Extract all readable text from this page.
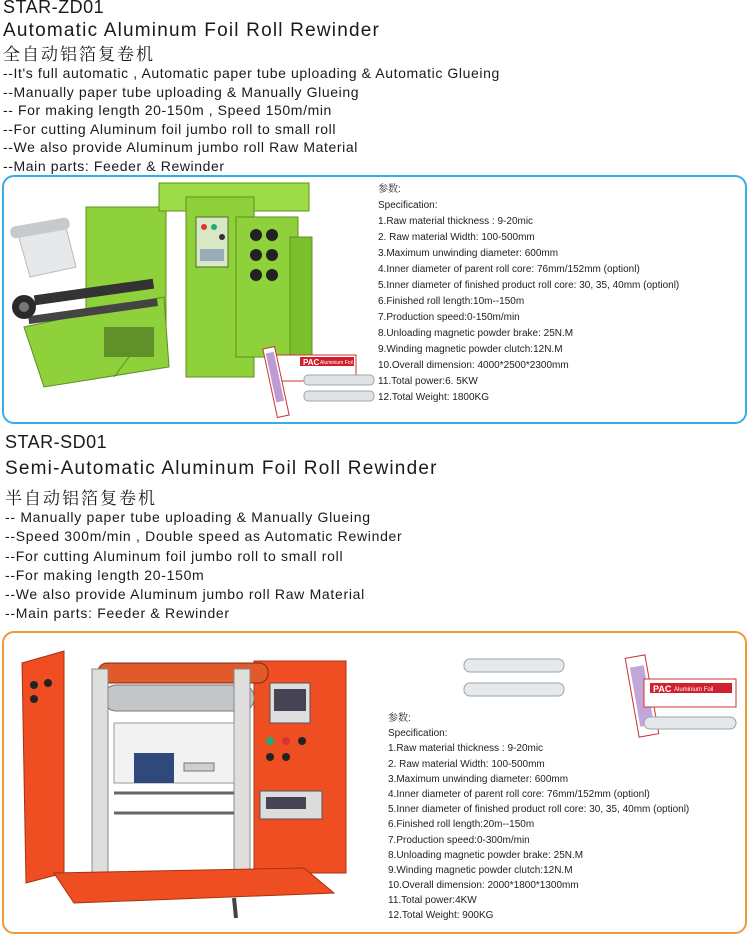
STAR-ZD01
Automatic Aluminum Foil Roll Rewinder
全自动铝箔复卷机
--It's full automatic , Automatic paper tube uploading & Automatic Glueing
--Manually paper tube uploading & Manually Glueing
-- For making length 20-150m , Speed 150m/min
--For cutting Aluminum foil jumbo roll to small roll
--We also provide Aluminum jumbo roll Raw Material
--Main parts: Feeder & Rewinder
PAC Aluminium Foil
参数:
Specification:
1.Raw material thickness : 9-20mic
2. Raw material Width: 100-500mm
3.Maximum unwinding diameter: 600mm
4.Inner diameter of parent roll core: 76mm/152mm (optionl)
5.Inner diameter of finished product roll core: 30, 35, 40mm (optionl)
6.Finished roll length:10m--150m
7.Production speed:0-150m/min
8.Unloading magnetic powder brake: 25N.M
9.Winding magnetic powder clutch:12N.M
10.Overall dimension: 4000*2500*2300mm
11.Total power:6. 5KW
12.Total Weight: 1800KG
STAR-SD01
Semi-Automatic Aluminum Foil Roll Rewinder
半自动铝箔复卷机
-- Manually paper tube uploading & Manually Glueing
--Speed 300m/min , Double speed as Automatic Rewinder
--For cutting Aluminum foil jumbo roll to small roll
--For making length 20-150m
--We also provide Aluminum jumbo roll Raw Material
--Main parts: Feeder & Rewinder
PAC Aluminium Foil
参数:
Specification:
1.Raw material thickness : 9-20mic
2. Raw material Width: 100-500mm
3.Maximum unwinding diameter: 600mm
4.Inner diameter of parent roll core: 76mm/152mm (optionl)
5.Inner diameter of finished product roll core: 30, 35, 40mm (optionl)
6.Finished roll length:20m--150m
7.Production speed:0-300m/min
8.Unloading magnetic powder brake: 25N.M
9.Winding magnetic powder clutch:12N.M
10.Overall dimension: 2000*1800*1300mm
11.Total power:4KW
12.Total Weight: 900KG
